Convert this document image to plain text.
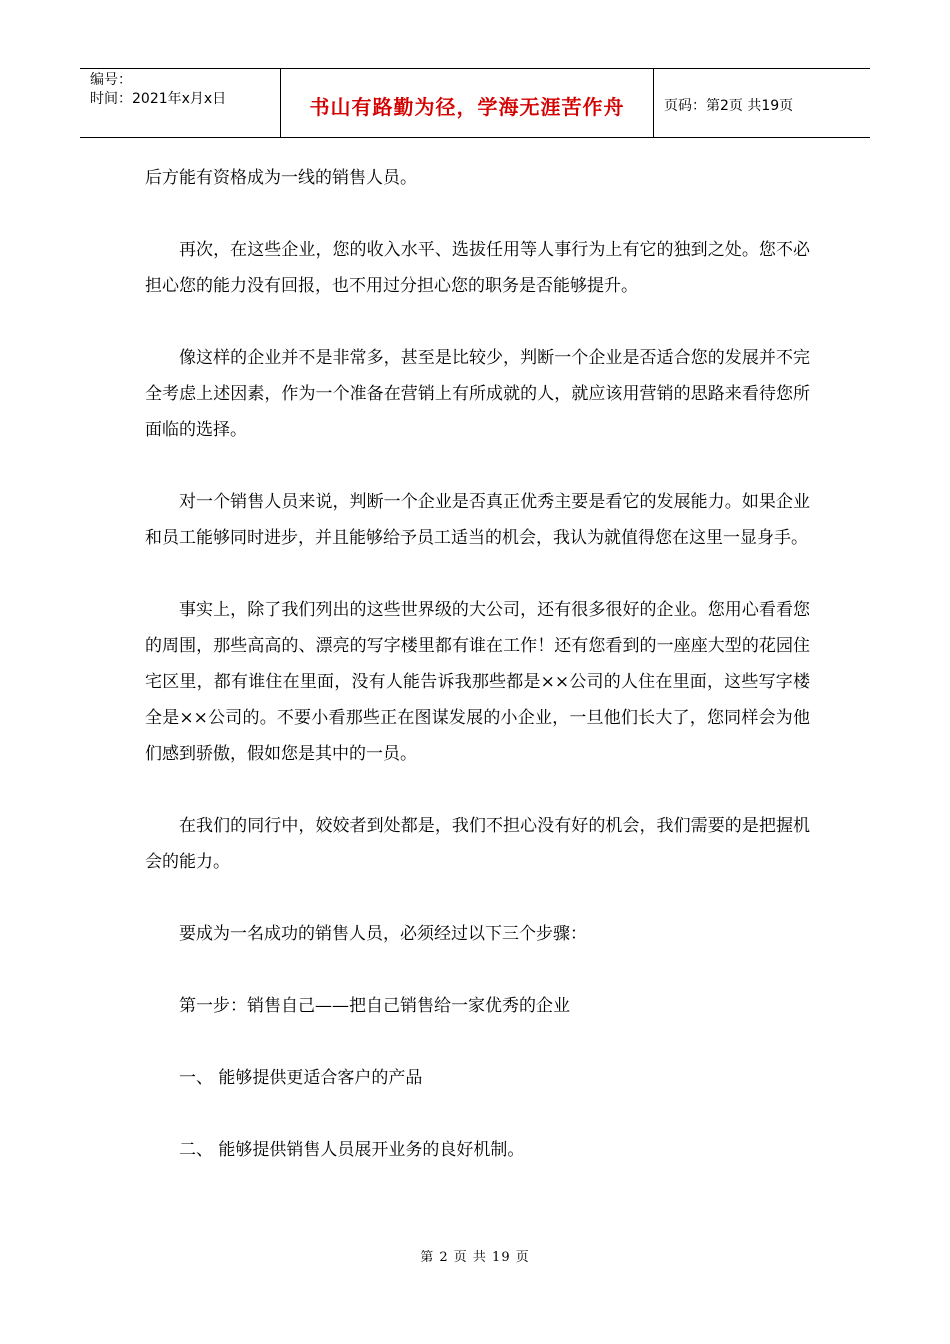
编号：
时间：2021年x月x日	书山有路勤为径，学海无涯苦作舟	页码：第2页 共19页

后方能有资格成为一线的销售人员。

再次，在这些企业，您的收入水平、选拔任用等人事行为上有它的独到之处。您不必担心您的能力没有回报，也不用过分担心您的职务是否能够提升。

像这样的企业并不是非常多，甚至是比较少，判断一个企业是否适合您的发展并不完全考虑上述因素，作为一个准备在营销上有所成就的人，就应该用营销的思路来看待您所面临的选择。

对一个销售人员来说，判断一个企业是否真正优秀主要是看它的发展能力。如果企业和员工能够同时进步，并且能够给予员工适当的机会，我认为就值得您在这里一显身手。

事实上，除了我们列出的这些世界级的大公司，还有很多很好的企业。您用心看看您的周围，那些高高的、漂亮的写字楼里都有谁在工作！还有您看到的一座座大型的花园住宅区里，都有谁住在里面，没有人能告诉我那些都是××公司的人住在里面，这些写字楼全是××公司的。不要小看那些正在图谋发展的小企业，一旦他们长大了，您同样会为他们感到骄傲，假如您是其中的一员。

在我们的同行中，姣姣者到处都是，我们不担心没有好的机会，我们需要的是把握机会的能力。

要成为一名成功的销售人员，必须经过以下三个步骤：

第一步：销售自己——把自己销售给一家优秀的企业

一、 能够提供更适合客户的产品

二、 能够提供销售人员展开业务的良好机制。

第 2 页 共 19 页
